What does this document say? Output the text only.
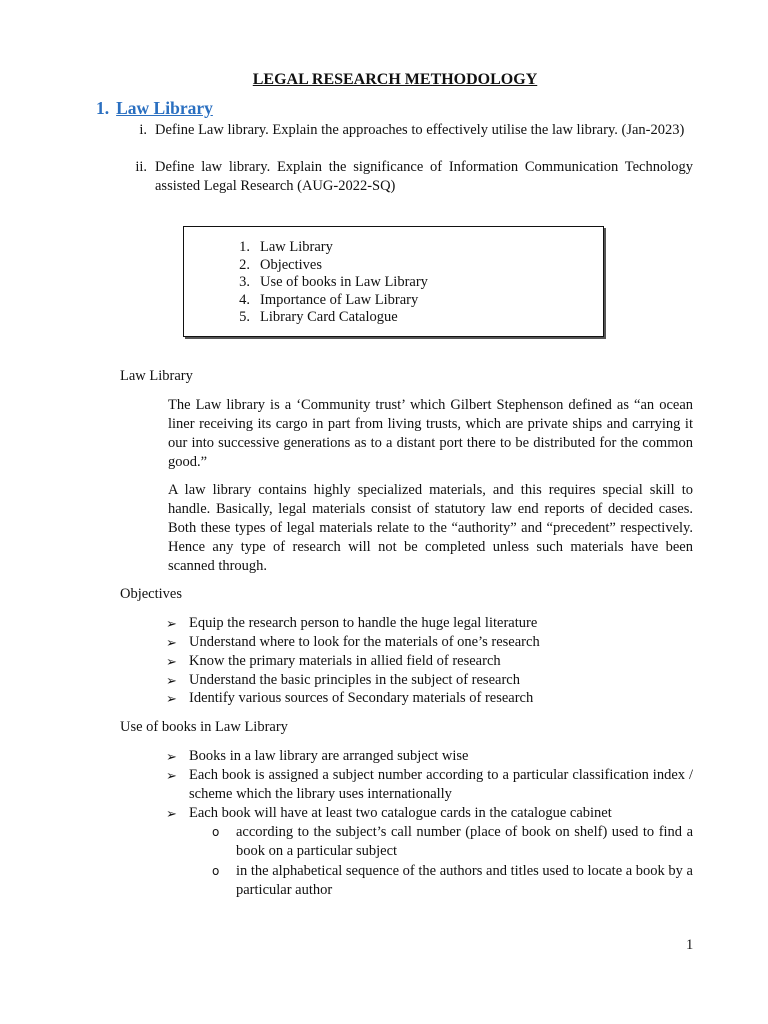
LEGAL RESEARCH METHODOLOGY
1. Law Library
i. Define Law library. Explain the approaches to effectively utilise the law library. (Jan-2023)
ii. Define law library. Explain the significance of Information Communication Technology assisted Legal Research (AUG-2022-SQ)
1. Law Library
2. Objectives
3. Use of books in Law Library
4. Importance of Law Library
5. Library Card Catalogue
Law Library
The Law library is a ‘Community trust’ which Gilbert Stephenson defined as “an ocean liner receiving its cargo in part from living trusts, which are private ships and carrying it our into successive generations as to a distant port there to be distributed for the common good.”
A law library contains highly specialized materials, and this requires special skill to handle. Basically, legal materials consist of statutory law end reports of decided cases. Both these types of legal materials relate to the “authority” and “precedent” respectively. Hence any type of research will not be completed unless such materials have been scanned through.
Objectives
➢ Equip the research person to handle the huge legal literature
➢ Understand where to look for the materials of one’s research
➢ Know the primary materials in allied field of research
➢ Understand the basic principles in the subject of research
➢ Identify various sources of Secondary materials of research
Use of books in Law Library
➢ Books in a law library are arranged subject wise
➢ Each book is assigned a subject number according to a particular classification index / scheme which the library uses internationally
➢ Each book will have at least two catalogue cards in the catalogue cabinet
o according to the subject’s call number (place of book on shelf) used to find a book on a particular subject
o in the alphabetical sequence of the authors and titles used to locate a book by a particular author
1
